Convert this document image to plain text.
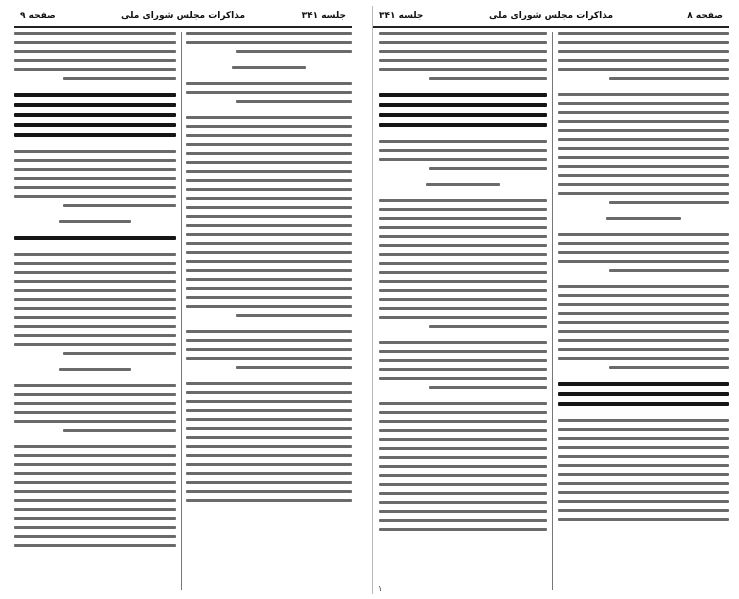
صفحه ۹	مذاکرات مجلس شورای ملی	جلسه ۳۴۱	جلسه ۳۴۱	مذاکرات مجلس شورای ملی	صفحه ۸
۱
